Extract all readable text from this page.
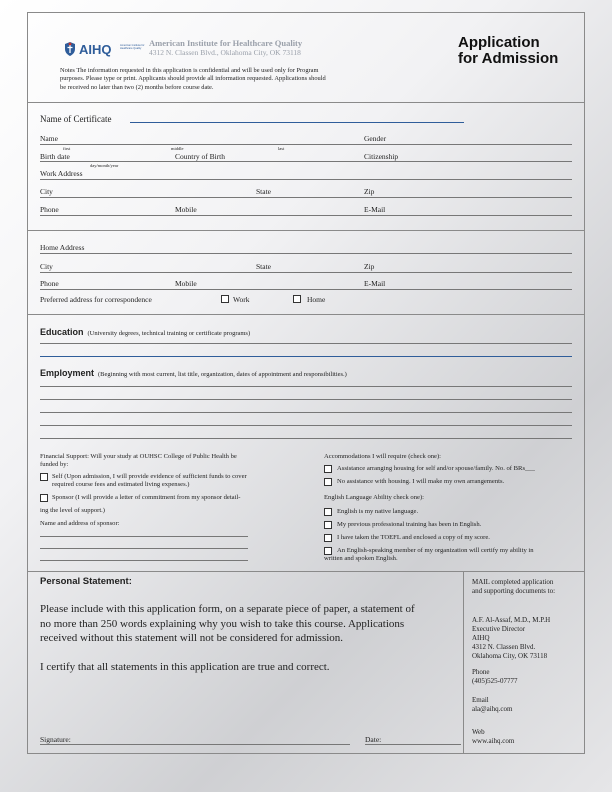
AIHQ	American Institute for Healthcare Quality
American Institute for Healthcare Quality
4312 N. Classen Blvd., Oklahoma City, OK 73118
Application
for Admission
Notes The information requested in this application is confidential and will be used only for Program
purposes. Please type or print. Applicants should provide all information requested. Applications should
be received no later than two (2) months before course date.
Name of Certificate
Name	Gender
first	middle	last
Birth date	Country of Birth	Citizenship
day/month/year
Work Address
City	State	Zip
Phone	Mobile	E-Mail
Home Address
City	State	Zip
Phone	Mobile	E-Mail
Preferred address for correspondence	Work	Home
Education (University degrees, technical training or certificate programs)
Employment (Beginning with most current, list title, organization, dates of appointment and responsibilities.)
Financial Support: Will your study at OUHSC College of Public Health be
funded by:
Self (Upon admission, I will provide evidence of sufficient funds to cover
required course fees and estimated living expenses.)
Sponsor (I will provide a letter of commitment from my sponsor detail-
ing the level of support.)
Name and address of sponsor:
Accommodations I will require (check one):
Assistance arranging housing for self and/or spouse/family. No. of BRs___
No assistance with housing. I will make my own arrangements.
English Language Ability check one):
English is my native language.
My previous professional training has been in English.
I have taken the TOEFL and enclosed a copy of my score.
An English-speaking member of my organization will certify my ability in
written and spoken English.
Personal Statement:
Please include with this application form, on a separate piece of paper, a statement of
no more than 250 words explaining why you wish to take this course. Applications
received without this statement will not be considered for admission.
I certify that all statements in this application are true and correct.
Signature:	Date:
MAIL completed application
and supporting documents to:
A.F. Al-Assaf, M.D., M.P.H
Executive Director
AIHQ
4312 N. Classen Blvd.
Oklahoma City, OK 73118
Phone
(405)525-07777
Email
ala@aihq.com
Web
www.aihq.com
